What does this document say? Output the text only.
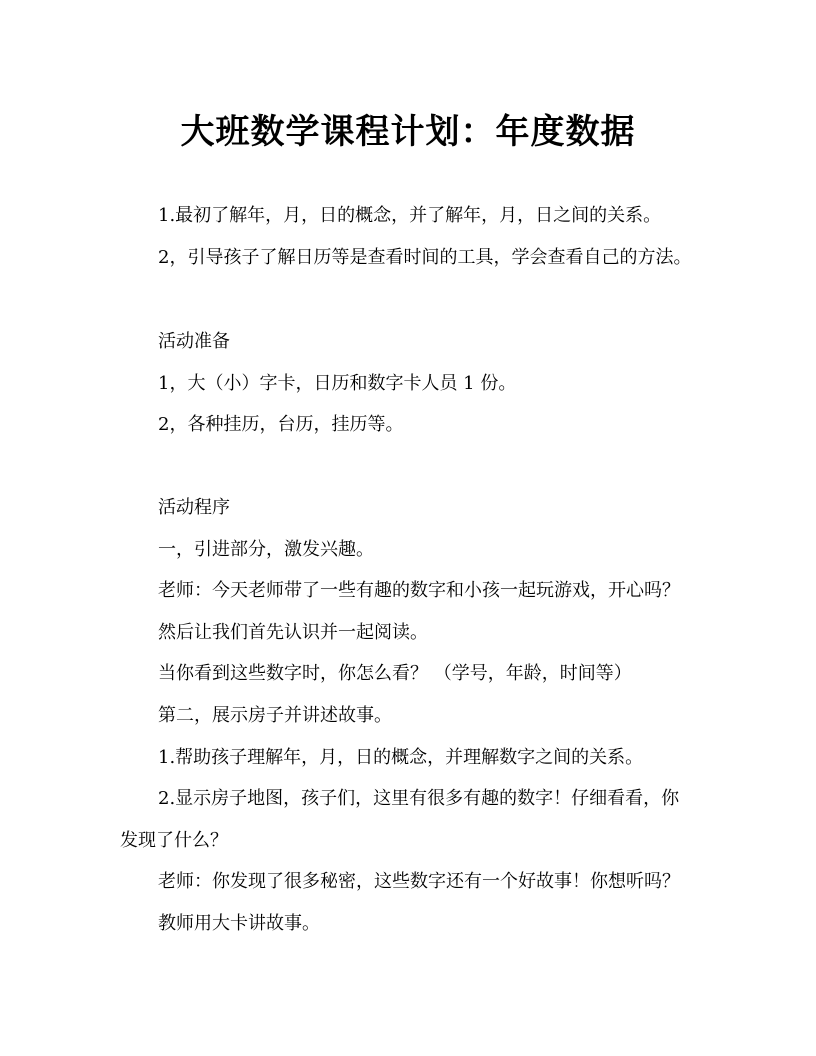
大班数学课程计划：年度数据
1.最初了解年，月，日的概念，并了解年，月，日之间的关系。
2，引导孩子了解日历等是查看时间的工具，学会查看自己的方法。
活动准备
1，大（小）字卡，日历和数字卡人员 1 份。
2，各种挂历，台历，挂历等。
活动程序
一，引进部分，激发兴趣。
老师：今天老师带了一些有趣的数字和小孩一起玩游戏，开心吗？
然后让我们首先认识并一起阅读。
当你看到这些数字时，你怎么看？ （学号，年龄，时间等）
第二，展示房子并讲述故事。
1.帮助孩子理解年，月，日的概念，并理解数字之间的关系。
2.显示房子地图，孩子们，这里有很多有趣的数字！仔细看看，你
发现了什么？
老师：你发现了很多秘密，这些数字还有一个好故事！你想听吗？
教师用大卡讲故事。
